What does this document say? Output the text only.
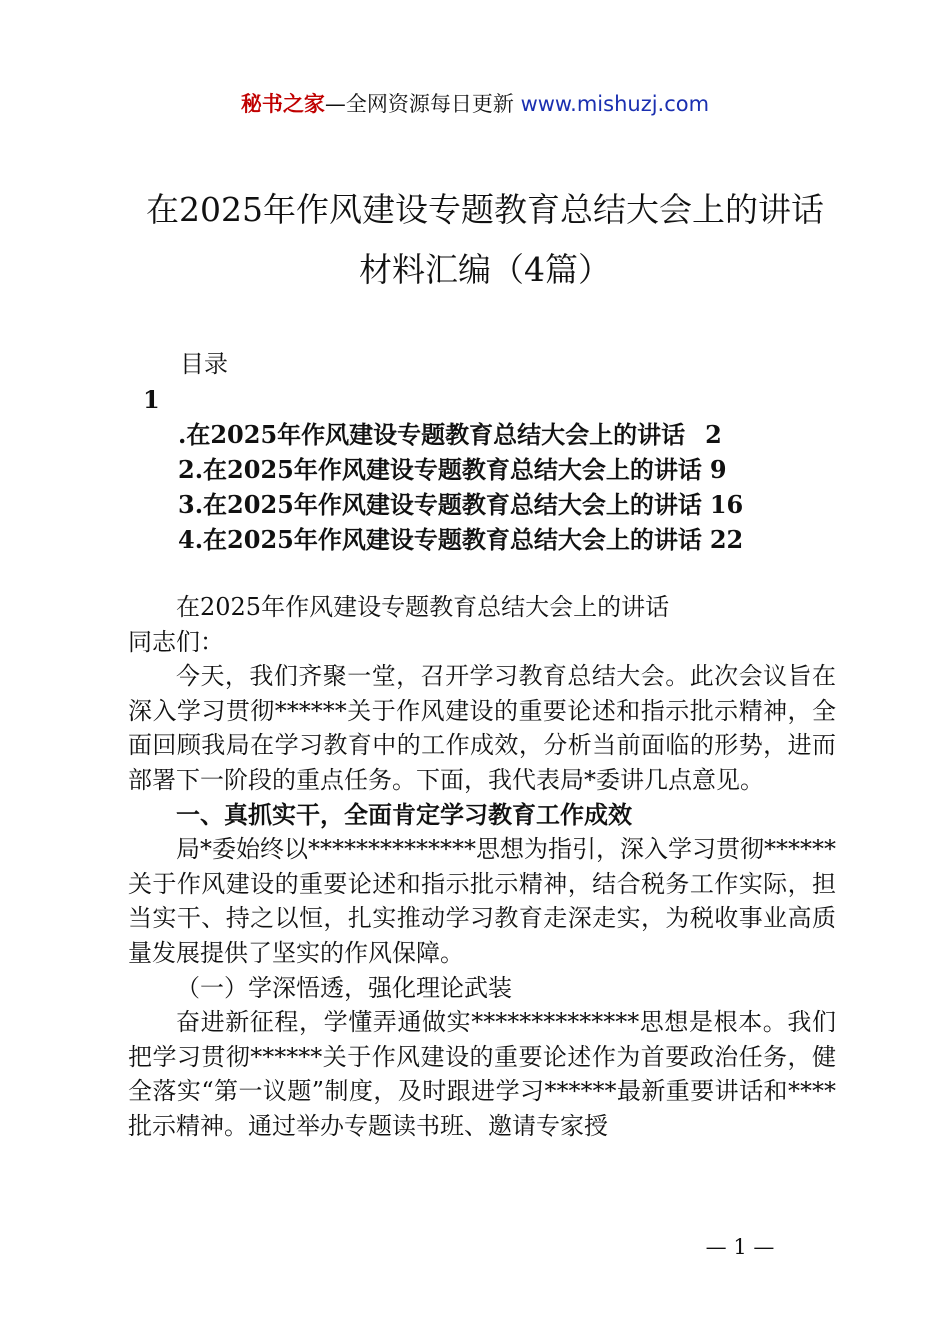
秘书之家—全网资源每日更新 www.mishuzj.com
在2025年作风建设专题教育总结大会上的讲话材料汇编（4篇）
目录
1
.在2025年作风建设专题教育总结大会上的讲话 2
2.在2025年作风建设专题教育总结大会上的讲话 9
3.在2025年作风建设专题教育总结大会上的讲话 16
4.在2025年作风建设专题教育总结大会上的讲话 22

在2025年作风建设专题教育总结大会上的讲话

同志们：

今天，我们齐聚一堂，召开学习教育总结大会。此次会议旨在深入学习贯彻******关于作风建设的重要论述和指示批示精神，全面回顾我局在学习教育中的工作成效，分析当前面临的形势，进而部署下一阶段的重点任务。下面，我代表局*委讲几点意见。

一、真抓实干，全面肯定学习教育工作成效

局*委始终以**************思想为指引，深入学习贯彻******关于作风建设的重要论述和指示批示精神，结合税务工作实际，担当实干、持之以恒，扎实推动学习教育走深走实，为税收事业高质量发展提供了坚实的作风保障。

（一）学深悟透，强化理论武装

奋进新征程，学懂弄通做实**************思想是根本。我们把学习贯彻******关于作风建设的重要论述作为首要政治任务，健全落实“第一议题”制度，及时跟进学习******最新重要讲话和****批示精神。通过举办专题读书班、邀请专家授

— 1 —
